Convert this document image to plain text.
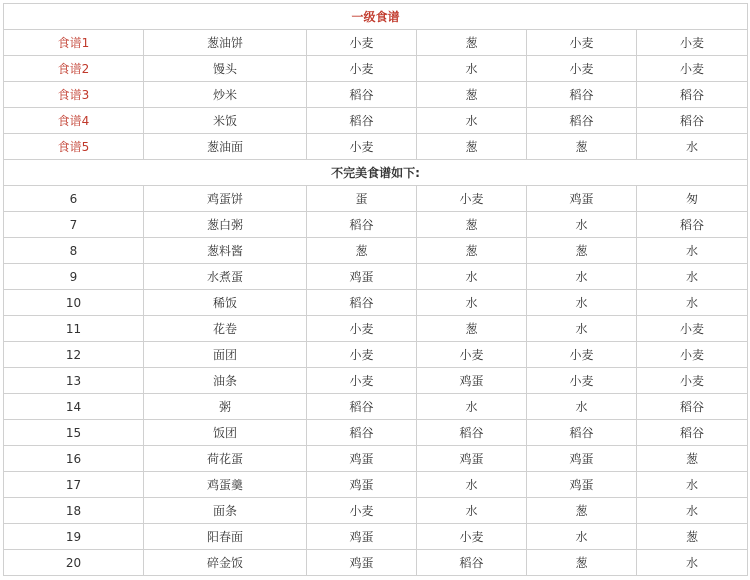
一级食谱					
食谱1	葱油饼	小麦	葱	小麦	小麦
食谱2	馒头	小麦	水	小麦	小麦
食谱3	炒米	稻谷	葱	稻谷	稻谷
食谱4	米饭	稻谷	水	稻谷	稻谷
食谱5	葱油面	小麦	葱	葱	水
不完美食谱如下:					
6	鸡蛋饼	蛋	小麦	鸡蛋	匆
7	葱白粥	稻谷	葱	水	稻谷
8	葱料酱	葱	葱	葱	水
9	水煮蛋	鸡蛋	水	水	水
10	稀饭	稻谷	水	水	水
11	花卷	小麦	葱	水	小麦
12	面团	小麦	小麦	小麦	小麦
13	油条	小麦	鸡蛋	小麦	小麦
14	粥	稻谷	水	水	稻谷
15	饭团	稻谷	稻谷	稻谷	稻谷
16	荷花蛋	鸡蛋	鸡蛋	鸡蛋	葱
17	鸡蛋羹	鸡蛋	水	鸡蛋	水
18	面条	小麦	水	葱	水
19	阳春面	鸡蛋	小麦	水	葱
20	碎金饭	鸡蛋	稻谷	葱	水
